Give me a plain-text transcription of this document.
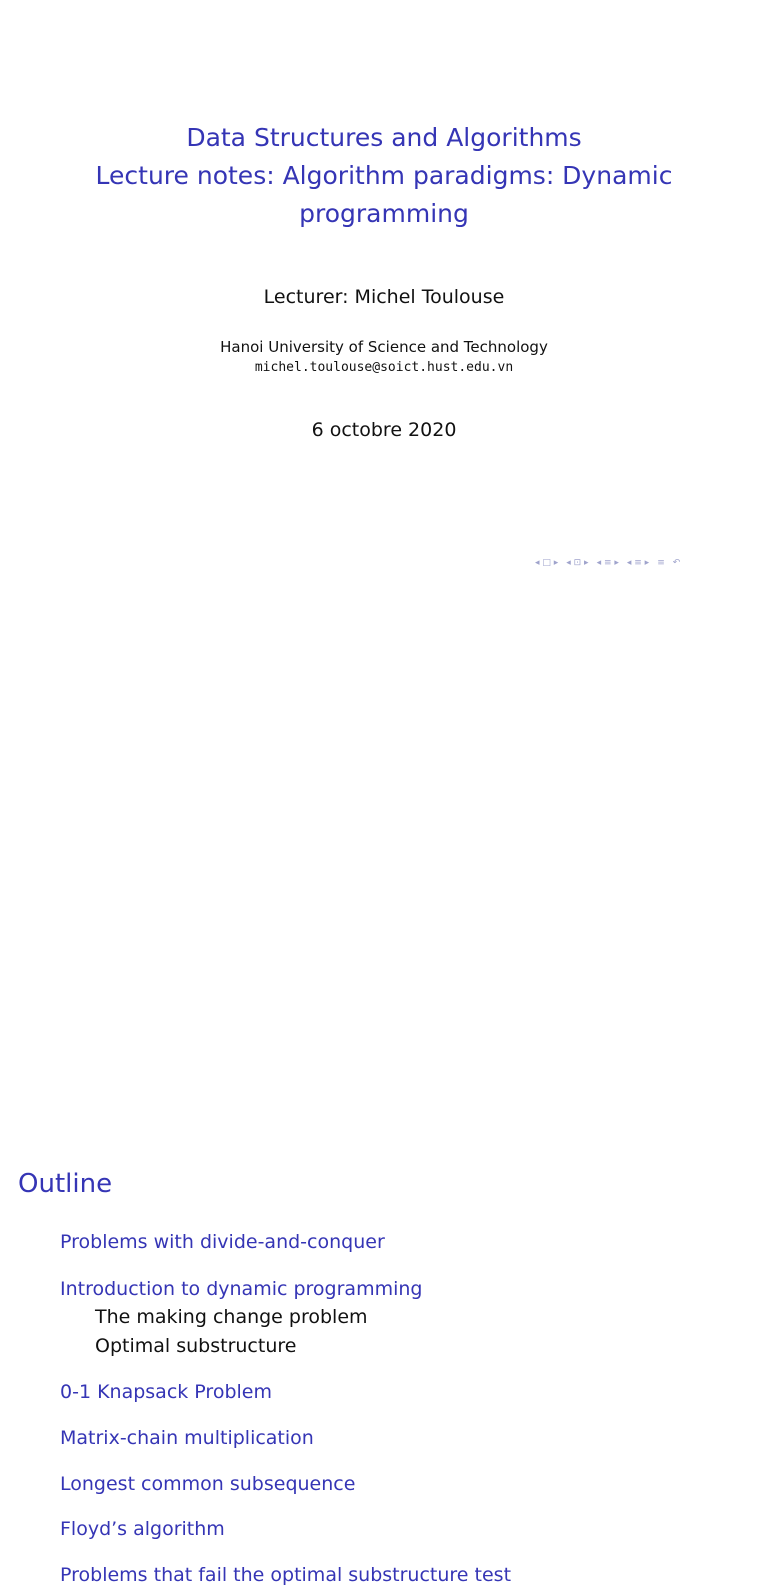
Data Structures and Algorithms
Lecture notes: Algorithm paradigms: Dynamic
programming
Lecturer: Michel Toulouse
Hanoi University of Science and Technology
michel.toulouse@soict.hust.edu.vn
6 octobre 2020
◂ □ ▸ ◂ ⊡ ▸ ◂ ≡ ▸ ◂ ≡ ▸ ≡ ↶
Outline
Problems with divide-and-conquer
Introduction to dynamic programming
The making change problem
Optimal substructure
0-1 Knapsack Problem
Matrix-chain multiplication
Longest common subsequence
Floyd’s algorithm
Problems that fail the optimal substructure test
